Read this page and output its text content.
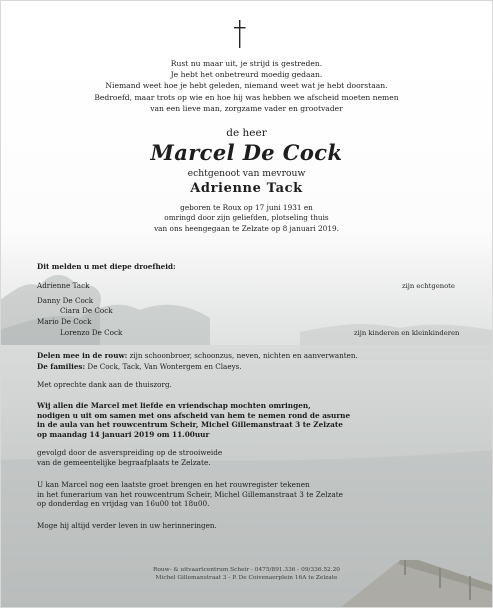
Rust nu maar uit, je strijd is gestreden.
Je hebt het onbetreurd moedig gedaan.
Niemand weet hoe je hebt geleden, niemand weet wat je hebt doorstaan.
Bedroefd, maar trots op wie en hoe hij was hebben we afscheid moeten nemen
van een lieve man, zorgzame vader en grootvader
de heer
Marcel De Cock
echtgenoot van mevrouw
Adrienne Tack
geboren te Roux op 17 juni 1931 en
omringd door zijn geliefden, plotseling thuis
van ons heengegaan te Zelzate op 8 januari 2019.
Dit melden u met diepe droefheid:
Adrienne Tack	zijn echtgenote
Danny De Cock
Ciara De Cock
Mario De Cock
Lorenzo De Cock	zijn kinderen en kleinkinderen
Delen mee in de rouw: zijn schoonbroer, schoonzus, neven, nichten en aanverwanten.
De families: De Cock, Tack, Van Wontergem en Claeys.
Met oprechte dank aan de thuiszorg.
Wij allen die Marcel met liefde en vriendschap mochten omringen,
nodigen u uit om samen met ons afscheid van hem te nemen rond de asurne
in de aula van het rouwcentrum Scheir, Michel Gillemanstraat 3 te Zelzate
op maandag 14 januari 2019 om 11.00uur
gevolgd door de asverspreiding op de strooiweide
van de gemeentelijke begraafplaats te Zelzate.
U kan Marcel nog een laatste groet brengen en het rouwregister tekenen
in het funerarium van het rouwcentrum Scheir, Michel Gillemanstraat 3 te Zelzate
op donderdag en vrijdag van 16u00 tot 18u00.
Moge hij altijd verder leven in uw herinneringen.
Rouw- & uitvaartcentrum Scheir - 0475/891.336 - 09/336.52.20
Michel Gillemanstraat 3 - P. De Coivenaerplein 16A te Zelzate
